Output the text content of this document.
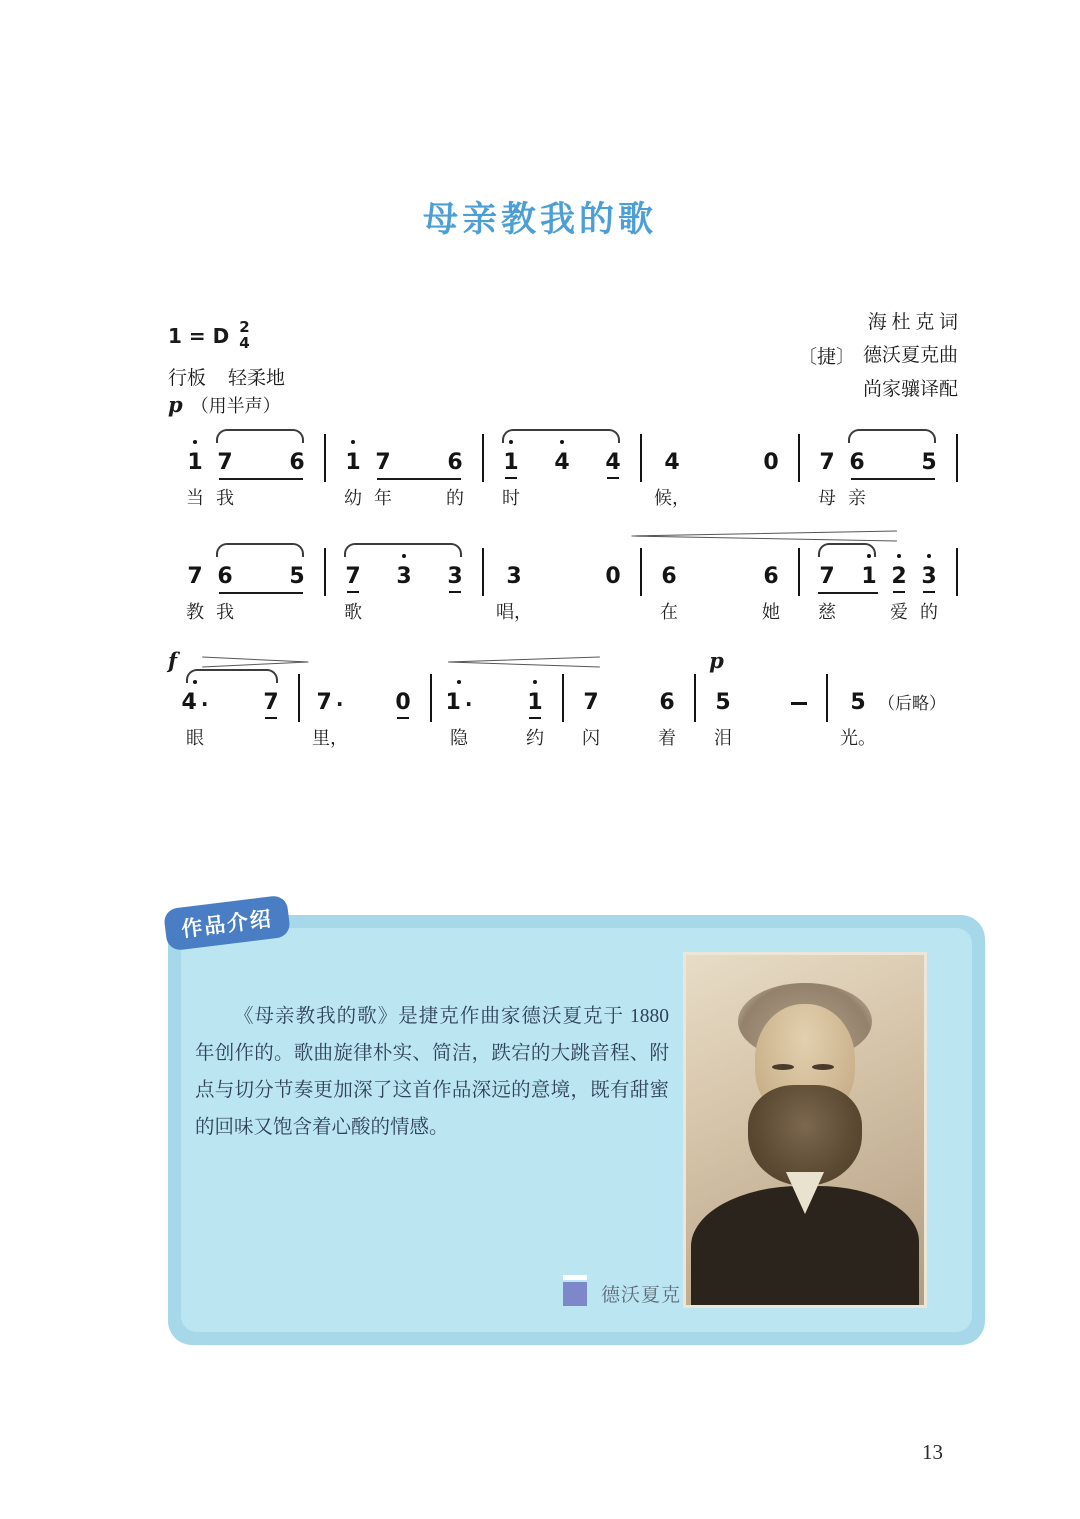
母亲教我的歌
1 = D 2
4
行板 轻柔地
〔捷〕
海 杜 克 词
德沃夏克曲
尚家骧译配
p （用半声）
1
当
7
我
6 1
幼
7
年
6
的
1
时
4 4 4
候，
0 7
母
6
亲
5
7
教
6
我
5 7
歌
3 3 3
唱，
0 6
在
6
她
7
慈
1 2
爱
3
的
f	p
4 ·
眼
7 7 ·
里，
0 1 ·
隐
1
约
7
闪
6
着
5
泪
5
光。
（后略）
《母亲教我的歌》是捷克作曲家德沃夏克于 1880 年创作的。歌曲旋律朴实、简洁，跌宕的大跳音程、附点与切分节奏更加深了这首作品深远的意境，既有甜蜜的回味又饱含着心酸的情感。
德沃夏克
作品介绍
13
